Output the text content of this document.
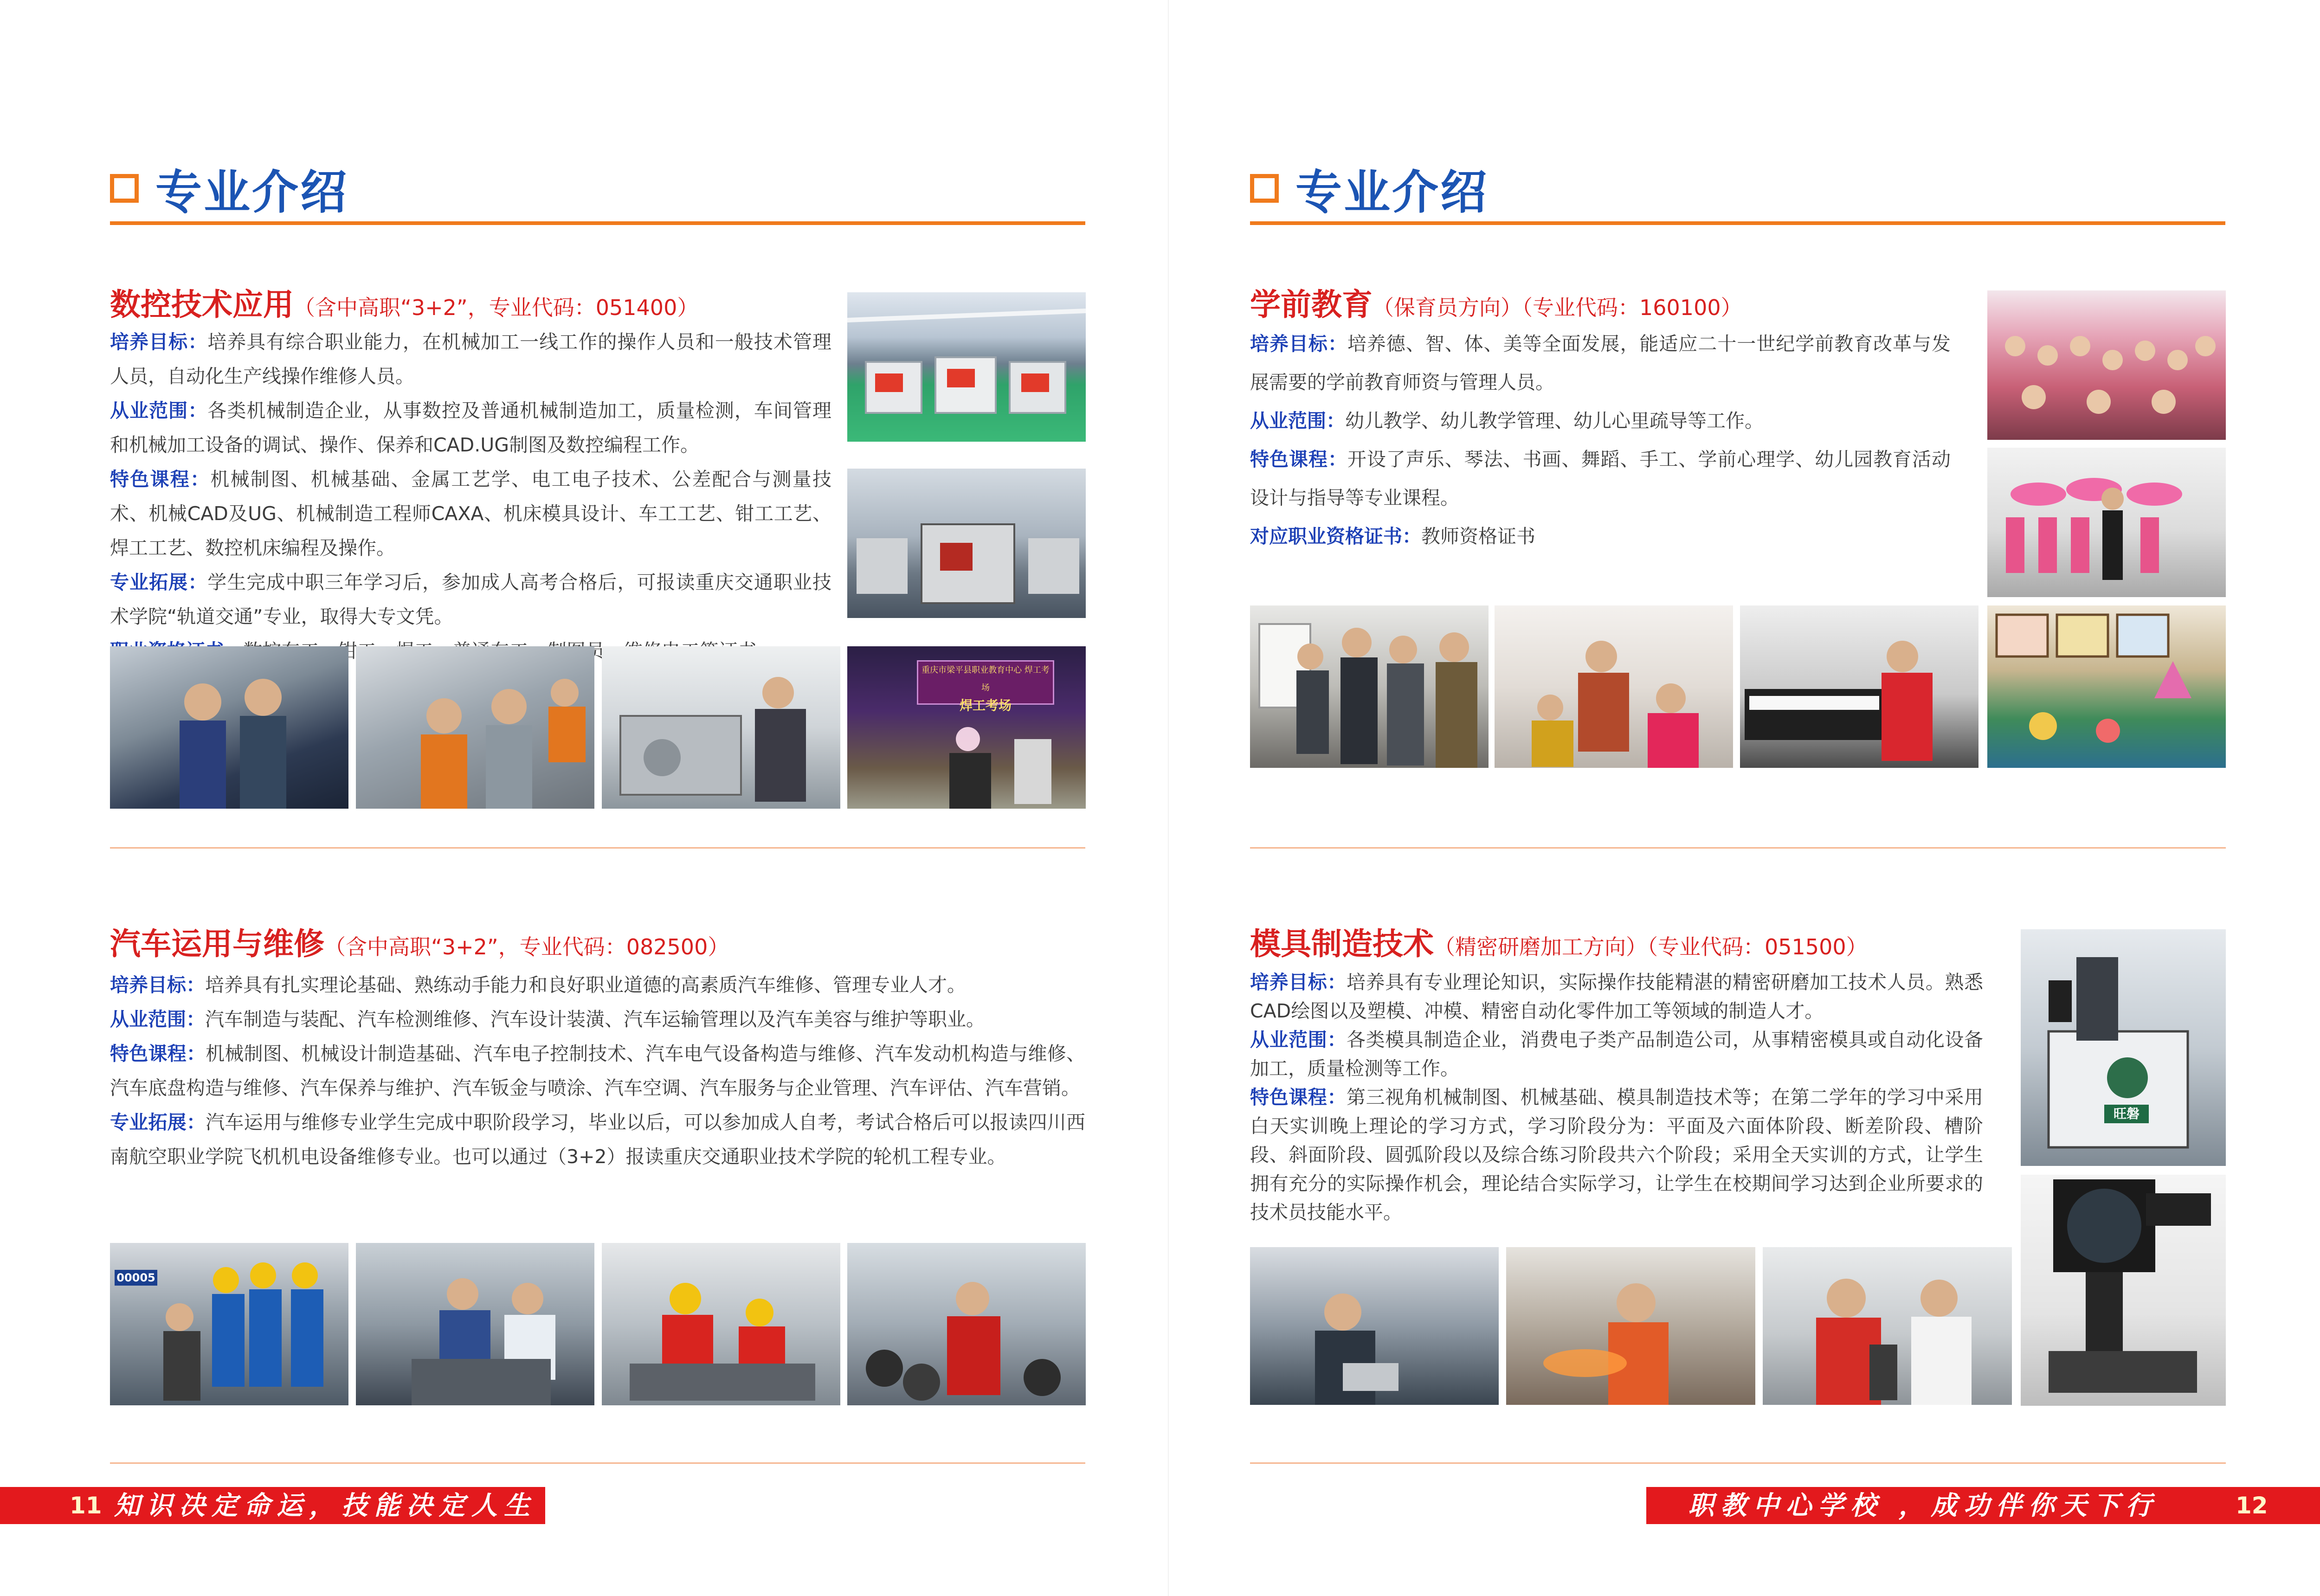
专业介绍
数控技术应用（含中高职“3+2”，专业代码：051400）

培养目标：培养具有综合职业能力，在机械加工一线工作的操作人员和一般技术管理人员，自动化生产线操作维修人员。

从业范围：各类机械制造企业，从事数控及普通机械制造加工，质量检测，车间管理和机械加工设备的调试、操作、保养和CAD.UG制图及数控编程工作。

特色课程：机械制图、机械基础、金属工艺学、电工电子技术、公差配合与测量技术、机械CAD及UG、机械制造工程师CAXA、机床模具设计、车工工艺、钳工工艺、焊工工艺、数控机床编程及操作。

专业拓展：学生完成中职三年学习后，参加成人高考合格后，可报读重庆交通职业技术学院“轨道交通”专业，取得大专文凭。

重庆市梁平县职业教育中心 焊工考场
焊工考场
汽车运用与维修（含中高职“3+2”，专业代码：082500）

培养目标：培养具有扎实理论基础、熟练动手能力和良好职业道德的高素质汽车维修、管理专业人才。

从业范围：汽车制造与装配、汽车检测维修、汽车设计装潢、汽车运输管理以及汽车美容与维护等职业。

特色课程：机械制图、机械设计制造基础、汽车电子控制技术、汽车电气设备构造与维修、汽车发动机构造与维修、汽车底盘构造与维修、汽车保养与维护、汽车钣金与喷涂、汽车空调、汽车服务与企业管理、汽车评估、汽车营销。

专业拓展：汽车运用与维修专业学生完成中职阶段学习，毕业以后，可以参加成人自考，考试合格后可以报读四川西南航空职业学院飞机机电设备维修专业。也可以通过（3+2）报读重庆交通职业技术学院的轮机工程专业。

00005
11 知识决定命运，技能决定人生
专业介绍
学前教育（保育员方向）（专业代码：160100）

培养目标：培养德、智、体、美等全面发展，能适应二十一世纪学前教育改革与发展需要的学前教育师资与管理人员。

从业范围：幼儿教学、幼儿教学管理、幼儿心里疏导等工作。

特色课程：开设了声乐、琴法、书画、舞蹈、手工、学前心理学、幼儿园教育活动设计与指导等专业课程。

对应职业资格证书：教师资格证书

模具制造技术（精密研磨加工方向）（专业代码：051500）

培养目标：培养具有专业理论知识，实际操作技能精湛的精密研磨加工技术人员。熟悉CAD绘图以及塑模、冲模、精密自动化零件加工等领域的制造人才。

从业范围：各类模具制造企业，消费电子类产品制造公司，从事精密模具或自动化设备加工，质量检测等工作。

特色课程：第三视角机械制图、机械基础、模具制造技术等；在第二学年的学习中采用白天实训晚上理论的学习方式，学习阶段分为：平面及六面体阶段、断差阶段、槽阶段、斜面阶段、圆弧阶段以及综合练习阶段共六个阶段；采用全天实训的方式，让学生拥有充分的实际操作机会，理论结合实际学习，让学生在校期间学习达到企业所要求的技术员技能水平。

旺磐
职教中心学校 ，成功伴你天下行	12
